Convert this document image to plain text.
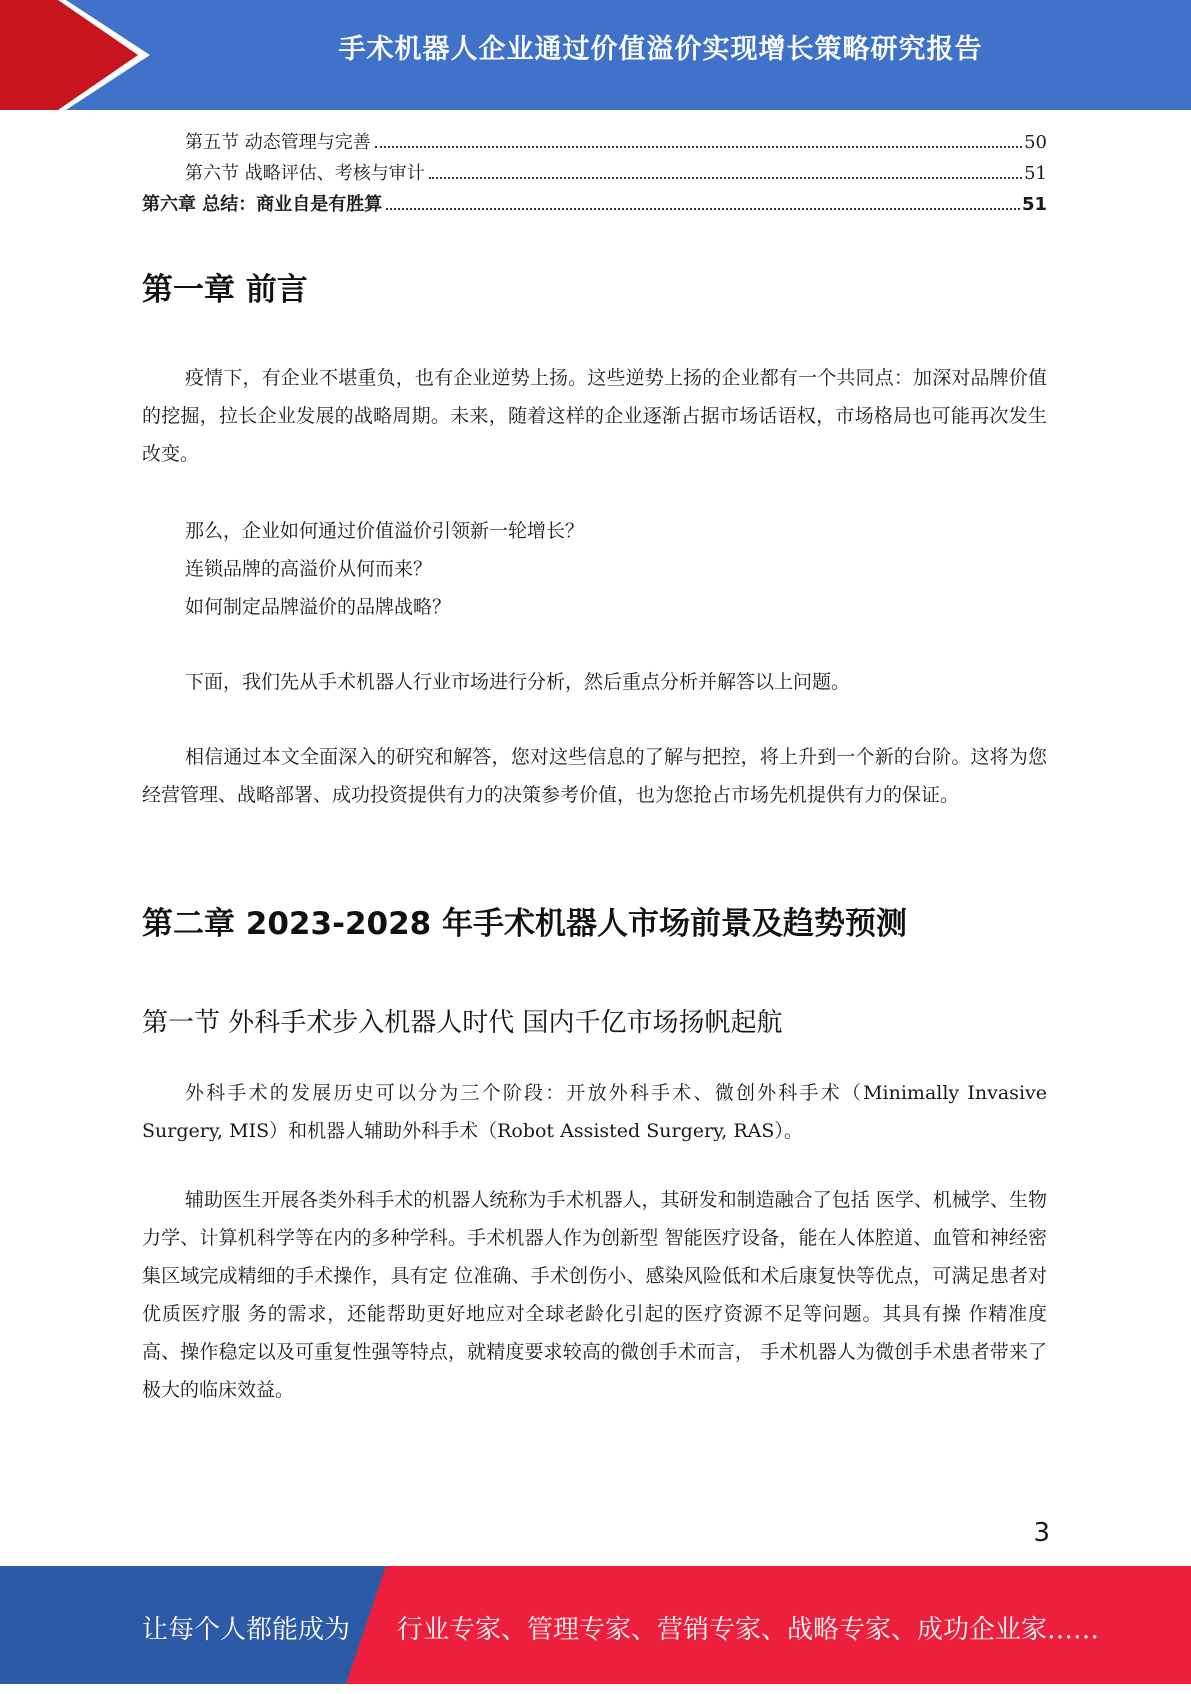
手术机器人企业通过价值溢价实现增长策略研究报告
第五节 动态管理与完善	50
第六节 战略评估、考核与审计	51
第六章 总结：商业自是有胜算	51
第一章 前言

疫情下，有企业不堪重负，也有企业逆势上扬。这些逆势上扬的企业都有一个共同点：加深对品牌价值的挖掘，拉长企业发展的战略周期。未来，随着这样的企业逐渐占据市场话语权，市场格局也可能再次发生改变。

那么，企业如何通过价值溢价引领新一轮增长？

连锁品牌的高溢价从何而来？

如何制定品牌溢价的品牌战略？

下面，我们先从手术机器人行业市场进行分析，然后重点分析并解答以上问题。

相信通过本文全面深入的研究和解答，您对这些信息的了解与把控，将上升到一个新的台阶。这将为您经营管理、战略部署、成功投资提供有力的决策参考价值，也为您抢占市场先机提供有力的保证。

第二章 2023-2028 年手术机器人市场前景及趋势预测
第一节 外科手术步入机器人时代 国内千亿市场扬帆起航

外科手术的发展历史可以分为三个阶段：开放外科手术、微创外科手术（Minimally Invasive Surgery, MIS）和机器人辅助外科手术（Robot Assisted Surgery, RAS）。

辅助医生开展各类外科手术的机器人统称为手术机器人，其研发和制造融合了包括 医学、机械学、生物力学、计算机科学等在内的多种学科。手术机器人作为创新型 智能医疗设备，能在人体腔道、血管和神经密集区域完成精细的手术操作，具有定 位准确、手术创伤小、感染风险低和术后康复快等优点，可满足患者对优质医疗服 务的需求，还能帮助更好地应对全球老龄化引起的医疗资源不足等问题。其具有操 作精准度高、操作稳定以及可重复性强等特点，就精度要求较高的微创手术而言， 手术机器人为微创手术患者带来了极大的临床效益。

3
让每个人都能成为 行业专家、管理专家、营销专家、战略专家、成功企业家……
